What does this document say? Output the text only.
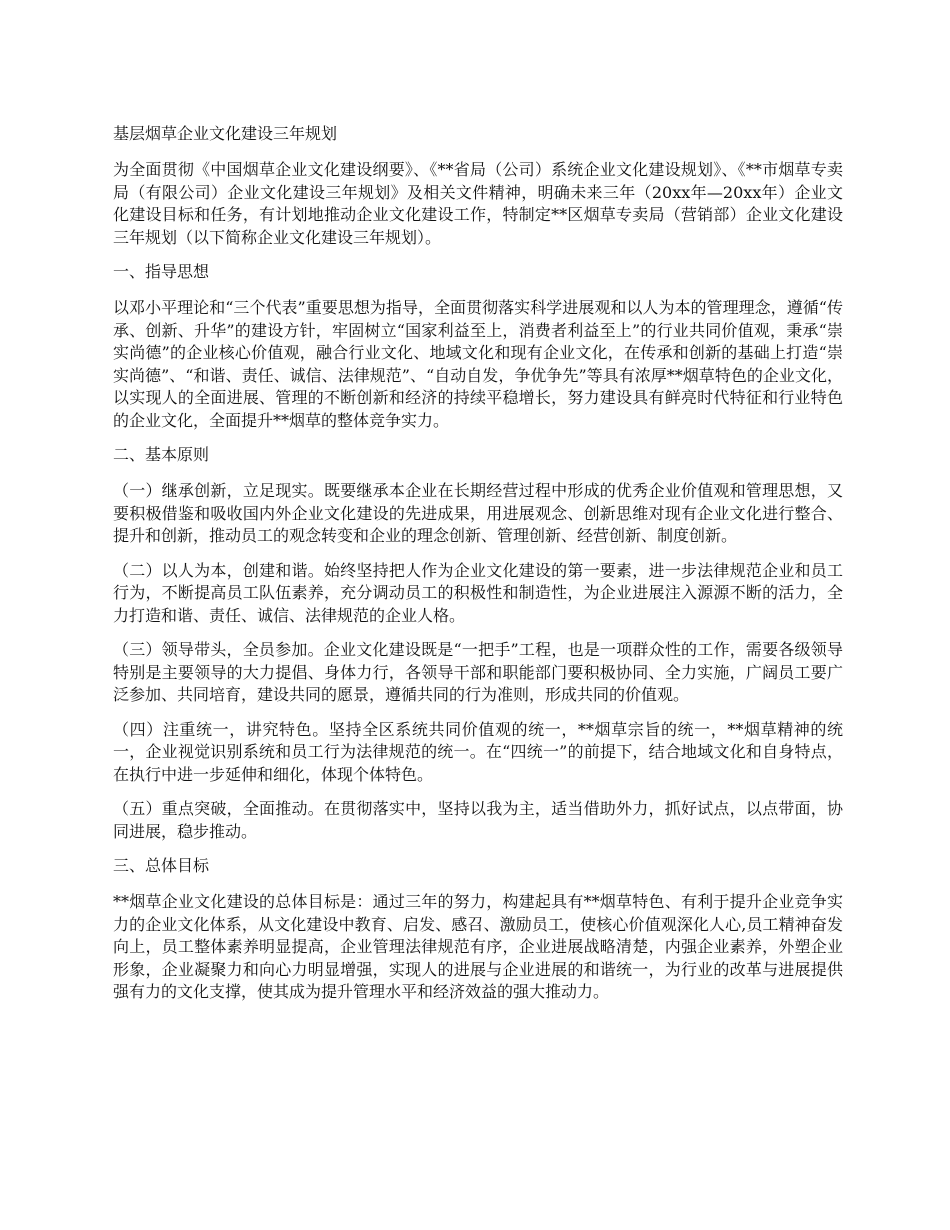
基层烟草企业文化建设三年规划

为全面贯彻《中国烟草企业文化建设纲要》、《**省局（公司）系统企业文化建设规划》、《**市烟草专卖局（有限公司）企业文化建设三年规划》及相关文件精神，明确未来三年（20xx年—20xx年）企业文化建设目标和任务，有计划地推动企业文化建设工作，特制定**区烟草专卖局（营销部）企业文化建设三年规划（以下简称企业文化建设三年规划）。

一、指导思想

以邓小平理论和“三个代表”重要思想为指导，全面贯彻落实科学进展观和以人为本的管理理念，遵循“传承、创新、升华”的建设方针，牢固树立“国家利益至上，消费者利益至上”的行业共同价值观，秉承“崇实尚德”的企业核心价值观，融合行业文化、地域文化和现有企业文化，在传承和创新的基础上打造“崇实尚德”、“和谐、责任、诚信、法律规范”、“自动自发，争优争先”等具有浓厚**烟草特色的企业文化，以实现人的全面进展、管理的不断创新和经济的持续平稳增长，努力建设具有鲜亮时代特征和行业特色的企业文化，全面提升**烟草的整体竞争实力。

二、基本原则

（一）继承创新，立足现实。既要继承本企业在长期经营过程中形成的优秀企业价值观和管理思想，又要积极借鉴和吸收国内外企业文化建设的先进成果，用进展观念、创新思维对现有企业文化进行整合、提升和创新，推动员工的观念转变和企业的理念创新、管理创新、经营创新、制度创新。

（二）以人为本，创建和谐。始终坚持把人作为企业文化建设的第一要素，进一步法律规范企业和员工行为，不断提高员工队伍素养，充分调动员工的积极性和制造性，为企业进展注入源源不断的活力，全力打造和谐、责任、诚信、法律规范的企业人格。

（三）领导带头，全员参加。企业文化建设既是“一把手”工程，也是一项群众性的工作，需要各级领导特别是主要领导的大力提倡、身体力行，各领导干部和职能部门要积极协同、全力实施，广阔员工要广泛参加、共同培育，建设共同的愿景，遵循共同的行为准则，形成共同的价值观。

（四）注重统一，讲究特色。坚持全区系统共同价值观的统一，**烟草宗旨的统一，**烟草精神的统一，企业视觉识别系统和员工行为法律规范的统一。在“四统一”的前提下，结合地域文化和自身特点，在执行中进一步延伸和细化，体现个体特色。

（五）重点突破，全面推动。在贯彻落实中，坚持以我为主，适当借助外力，抓好试点，以点带面，协同进展，稳步推动。

三、总体目标

**烟草企业文化建设的总体目标是：通过三年的努力，构建起具有**烟草特色、有利于提升企业竞争实力的企业文化体系，从文化建设中教育、启发、感召、激励员工，使核心价值观深化人心,员工精神奋发向上，员工整体素养明显提高，企业管理法律规范有序，企业进展战略清楚，内强企业素养，外塑企业形象，企业凝聚力和向心力明显增强，实现人的进展与企业进展的和谐统一，为行业的改革与进展提供强有力的文化支撑，使其成为提升管理水平和经济效益的强大推动力。
